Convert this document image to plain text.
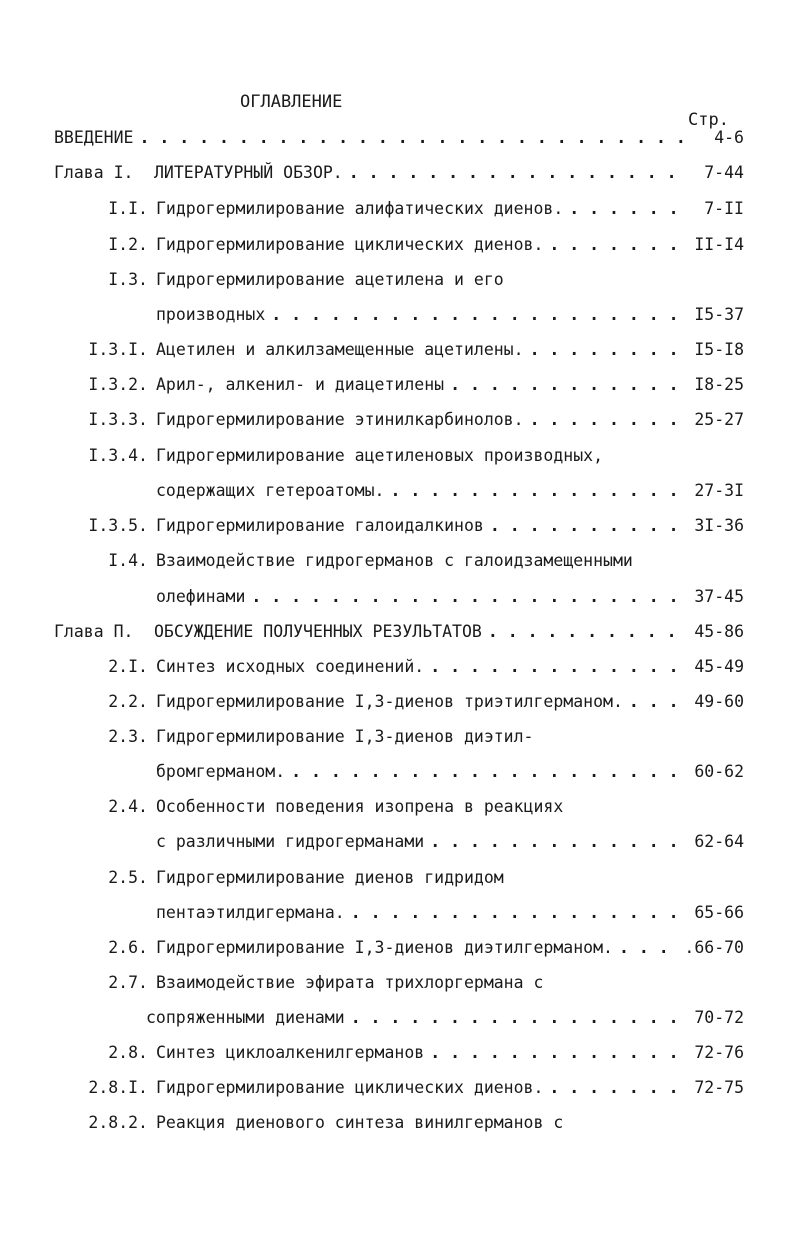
ОГЛАВЛЕНИЕ
Стр.
ВВЕДЕНИЕ . . .	4-6
Глава I.	ЛИТЕРАТУРНЫЙ ОБЗОР. . . .	7-44
I.I. Гидрогермилирование алифатических диенов. . . .	7-II
I.2. Гидрогермилирование циклических диенов. . . .	II-I4
I.3. Гидрогермилирование ацетилена и его
производных . . .	I5-37
I.3.I. Ацетилен и алкилзамещенные ацетилены. . . .	I5-I8
I.3.2. Арил-, алкенил- и диацетилены . . .	I8-25
I.3.3. Гидрогермилирование этинилкарбинолов. . . .	25-27
I.3.4. Гидрогермилирование ацетиленовых производных,
содержащих гетероатомы. . . .	27-3I
I.3.5. Гидрогермилирование галоидалкинов . . .	3I-36
I.4. Взаимодействие гидрогерманов с галоидзамещенными
олефинами . . .	37-45
Глава П.	ОБСУЖДЕНИЕ ПОЛУЧЕННЫХ РЕЗУЛЬТАТОВ . . .	45-86
2.I. Синтез исходных соединений. . . .	45-49
2.2. Гидрогермилирование I,3-диенов триэтилгерманом. . . .	49-60
2.3. Гидрогермилирование I,3-диенов диэтил-
бромгерманом. . . .	60-62
2.4. Особенности поведения изопрена в реакциях
с различными гидрогерманами . . .	62-64
2.5. Гидрогермилирование диенов гидридом
пентаэтилдигермана. . . .	65-66
2.6. Гидрогермилирование I,3-диенов диэтилгерманом. . . .	.66-70
2.7. Взаимодействие эфирата трихлоргермана с
сопряженными диенами . . .	70-72
2.8. Синтез циклоалкенилгерманов . . .	72-76
2.8.I. Гидрогермилирование циклических диенов. . . .	72-75
2.8.2. Реакция диенового синтеза винилгерманов с
